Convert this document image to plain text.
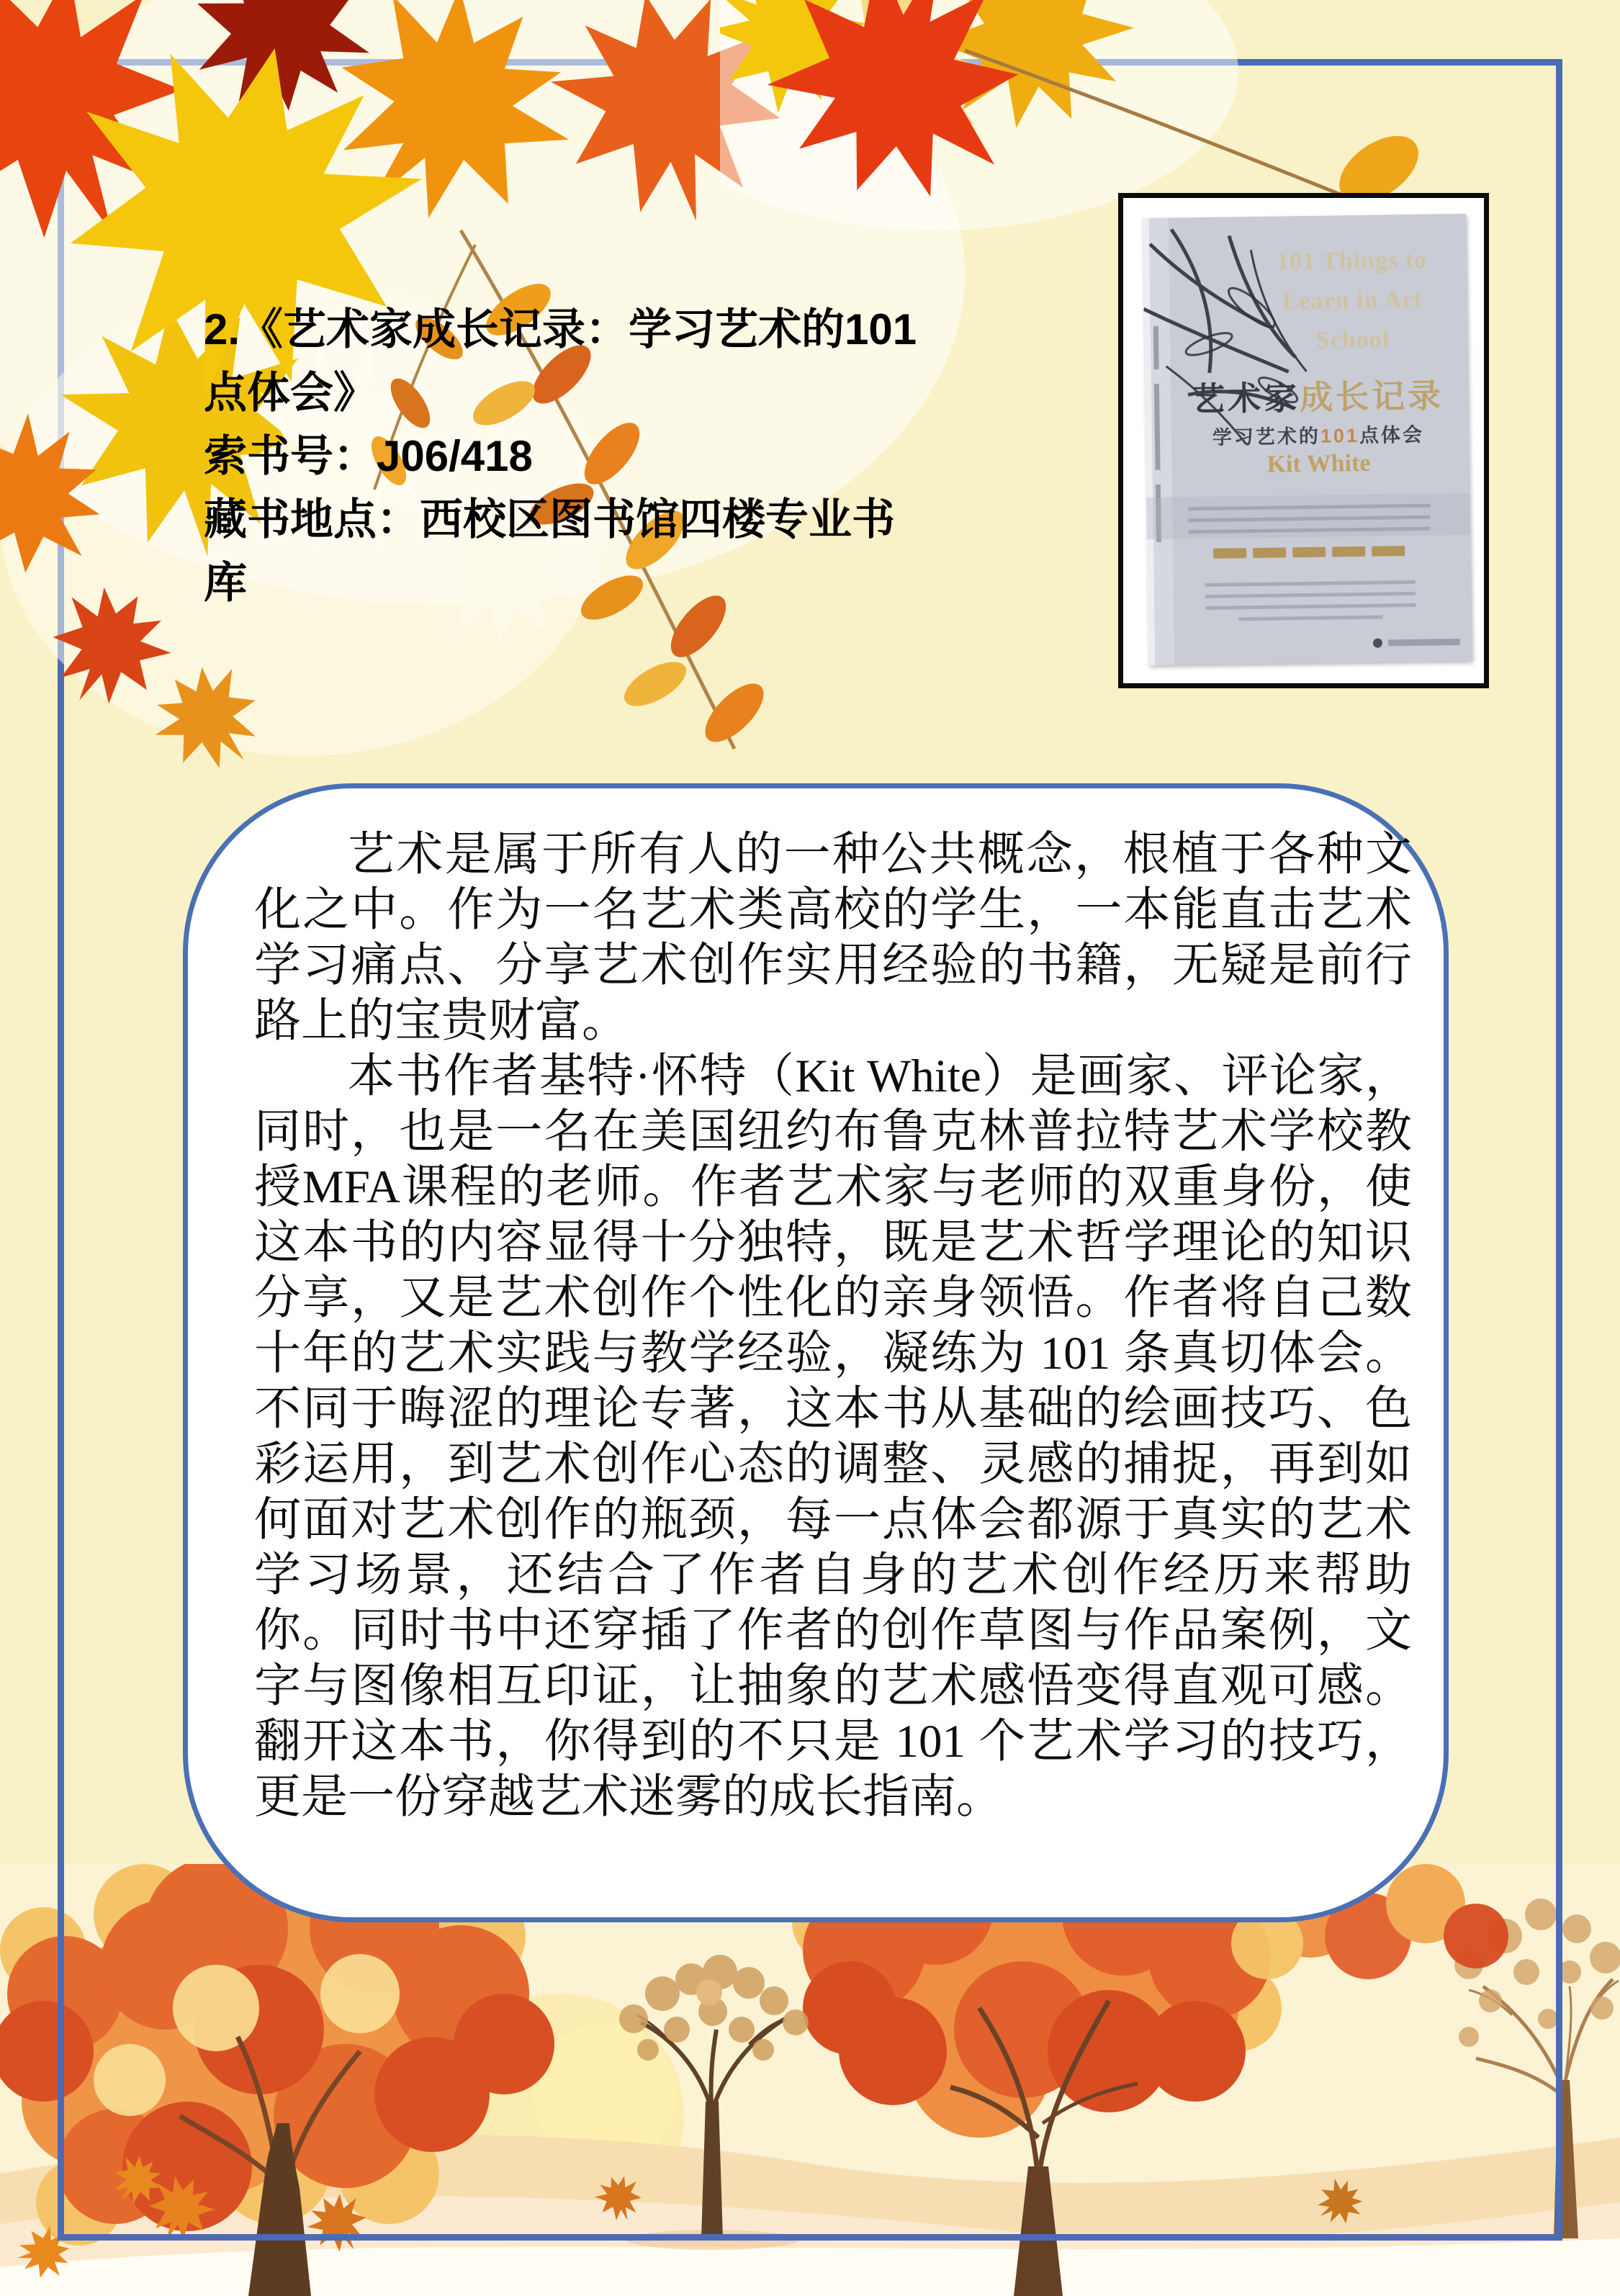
2.《艺术家成长记录：学习艺术的101
点体会》
索书号：J06/418
藏书地点：西校区图书馆四楼专业书
库
101 Things to
Learn in Art
School
艺术家成长记录
学习艺术的101点体会
Kit White

艺术是属于所有人的一种公共概念，根植于各种文化之中。作为一名艺术类高校的学生，一本能直击艺术学习痛点、分享艺术创作实用经验的书籍，无疑是前行路上的宝贵财富。

本书作者基特·怀特（Kit White）是画家、评论家，同时，也是一名在美国纽约布鲁克林普拉特艺术学校教授MFA课程的老师。作者艺术家与老师的双重身份，使这本书的内容显得十分独特，既是艺术哲学理论的知识分享，又是艺术创作个性化的亲身领悟。作者将自己数十年的艺术实践与教学经验，凝练为 101 条真切体会。不同于晦涩的理论专著，这本书从基础的绘画技巧、色彩运用，到艺术创作心态的调整、灵感的捕捉，再到如何面对艺术创作的瓶颈，每一点体会都源于真实的艺术学习场景，还结合了作者自身的艺术创作经历来帮助你。同时书中还穿插了作者的创作草图与作品案例，文字与图像相互印证，让抽象的艺术感悟变得直观可感。翻开这本书，你得到的不只是 101 个艺术学习的技巧，更是一份穿越艺术迷雾的成长指南。
